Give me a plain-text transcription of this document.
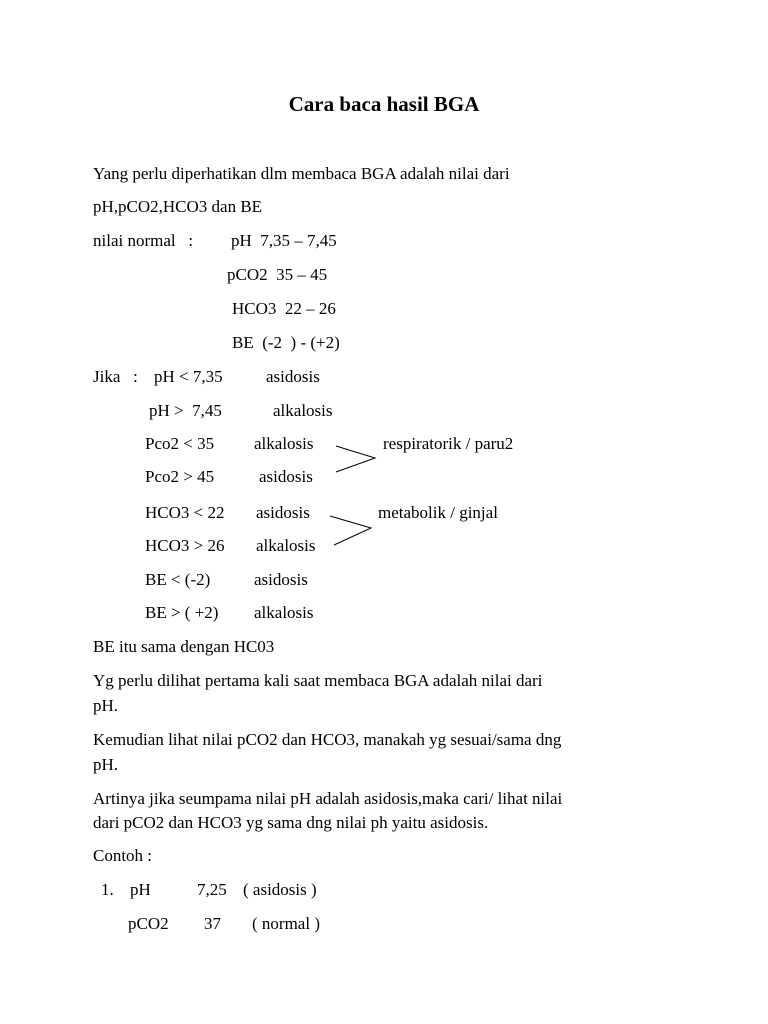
Cara baca hasil BGA
Yang perlu diperhatikan dlm membaca BGA adalah nilai dari
pH,pCO2,HCO3 dan BE
nilai normal   : pH  7,35 – 7,45
pCO2  35 – 45
HCO3  22 – 26
BE  (-2  ) - (+2)
Jika   : pH < 7,35	asidosis
pH >  7,45	alkalosis
Pco2 < 35 alkalosis	respiratorik / paru2
Pco2 > 45	asidosis
HCO3 < 22 asidosis	metabolik / ginjal
HCO3 > 26 alkalosis
BE < (-2)	asidosis
BE > ( +2) alkalosis
BE itu sama dengan HC03
Yg perlu dilihat pertama kali saat membaca BGA adalah nilai dari
pH.
Kemudian lihat nilai pCO2 dan HCO3, manakah yg sesuai/sama dng
pH.
Artinya jika seumpama nilai pH adalah asidosis,maka cari/ lihat nilai
dari pCO2 dan HCO3 yg sama dng nilai ph yaitu asidosis.
Contoh :
1. pH	7,25 ( asidosis )
pCO2 37 ( normal )
